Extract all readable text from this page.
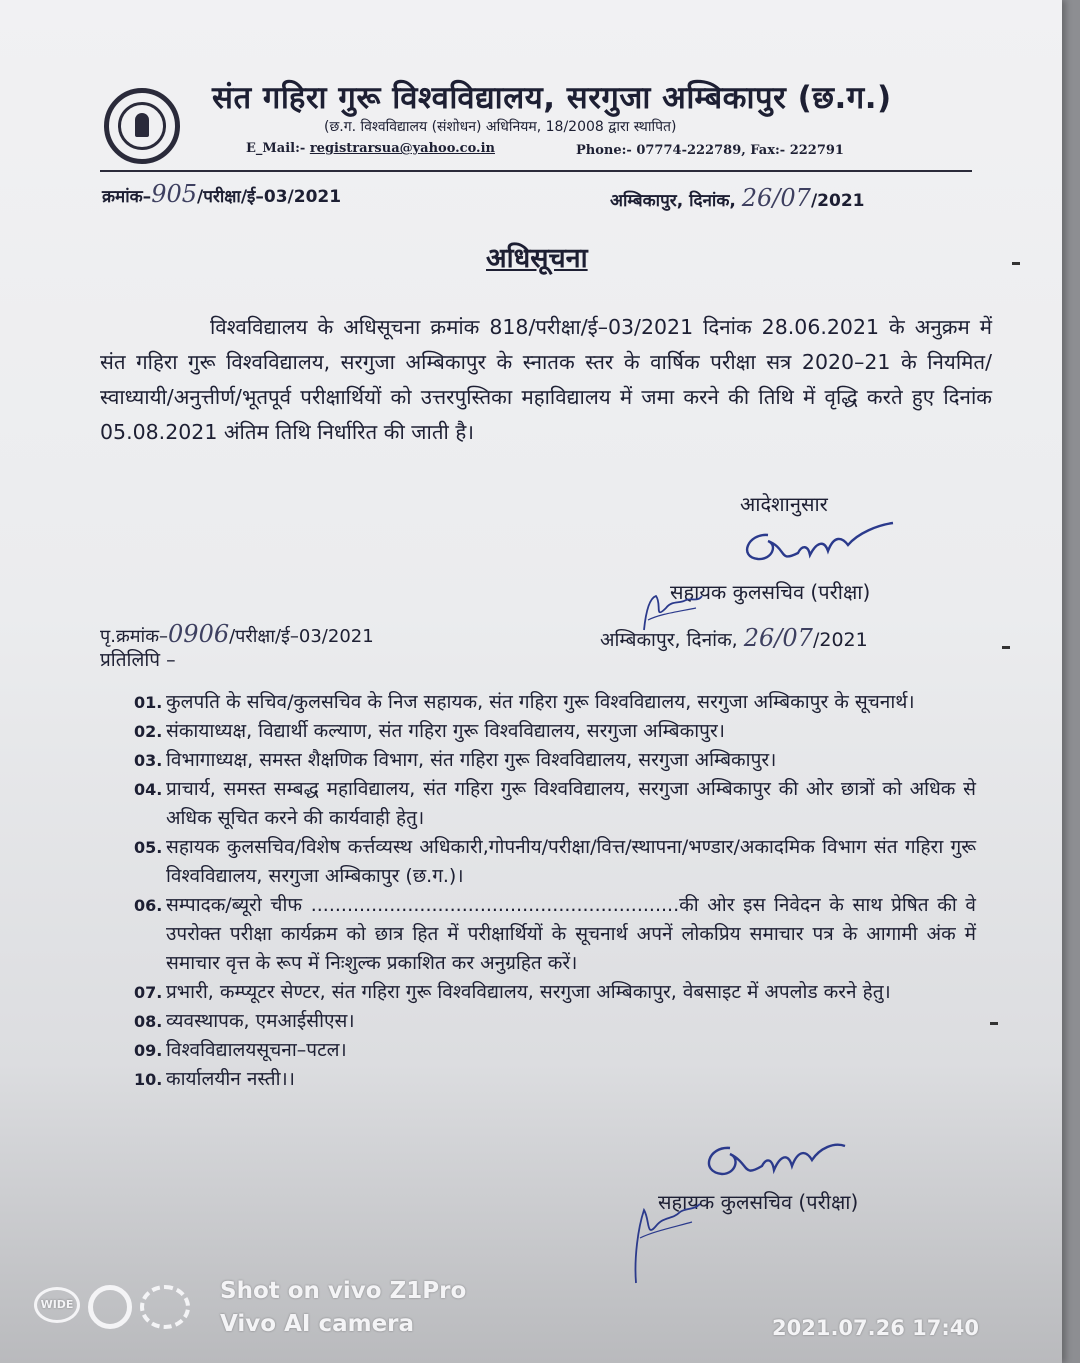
संत गहिरा गुरू विश्वविद्यालय, सरगुजा अम्बिकापुर (छ.ग.)
(छ.ग. विश्वविद्यालय (संशोधन) अधिनियम, 18/2008 द्वारा स्थापित)
E_Mail:- registrarsua@yahoo.co.in	Phone:- 07774-222789, Fax:- 222791
क्रमांक–905/परीक्षा/ई–03/2021	अम्बिकापुर, दिनांक, 26/07/2021
अधिसूचना
विश्वविद्यालय के अधिसूचना क्रमांक 818/परीक्षा/ई–03/2021 दिनांक 28.06.2021 के अनुक्रम में संत गहिरा गुरू विश्वविद्यालय, सरगुजा अम्बिकापुर के स्नातक स्तर के वार्षिक परीक्षा सत्र 2020–21 के नियमित/स्वाध्यायी/अनुत्तीर्ण/भूतपूर्व परीक्षार्थियों को उत्तरपुस्तिका महाविद्यालय में जमा करने की तिथि में वृद्धि करते हुए दिनांक 05.08.2021 अंतिम तिथि निर्धारित की जाती है।
आदेशानुसार
सहायक कुलसचिव (परीक्षा)
पृ.क्रमांक–0906/परीक्षा/ई–03/2021	अम्बिकापुर, दिनांक, 26/07/2021
प्रतिलिपि –
01. कुलपति के सचिव/कुलसचिव के निज सहायक, संत गहिरा गुरू विश्वविद्यालय, सरगुजा अम्बिकापुर के सूचनार्थ।
02. संकायाध्यक्ष, विद्यार्थी कल्याण, संत गहिरा गुरू विश्वविद्यालय, सरगुजा अम्बिकापुर।
03. विभागाध्यक्ष, समस्त शैक्षणिक विभाग, संत गहिरा गुरू विश्वविद्यालय, सरगुजा अम्बिकापुर।
04. प्राचार्य, समस्त सम्बद्ध महाविद्यालय, संत गहिरा गुरू विश्वविद्यालय, सरगुजा अम्बिकापुर की ओर छात्रों को अधिक से अधिक सूचित करने की कार्यवाही हेतु।
05. सहायक कुलसचिव/विशेष कर्त्तव्यस्थ अधिकारी,गोपनीय/परीक्षा/वित्त/स्थापना/भण्डार/अकादमिक विभाग संत गहिरा गुरू विश्वविद्यालय, सरगुजा अम्बिकापुर (छ.ग.)।
06. सम्पादक/ब्यूरो चीफ .............................................................की ओर इस निवेदन के साथ प्रेषित की वे उपरोक्त परीक्षा कार्यक्रम को छात्र हित में परीक्षार्थियों के सूचनार्थ अपनें लोकप्रिय समाचार पत्र के आगामी अंक में समाचार वृत्त के रूप में निःशुल्क प्रकाशित कर अनुग्रहित करें।
07. प्रभारी, कम्प्यूटर सेण्टर, संत गहिरा गुरू विश्वविद्यालय, सरगुजा अम्बिकापुर, वेबसाइट में अपलोड करने हेतु।
08. व्यवस्थापक, एमआईसीएस।
09. विश्वविद्यालयसूचना–पटल।
10. कार्यालयीन नस्ती।।
सहायक कुलसचिव (परीक्षा)
WIDE
Shot on vivo Z1Pro
Vivo AI camera	2021.07.26 17:40
